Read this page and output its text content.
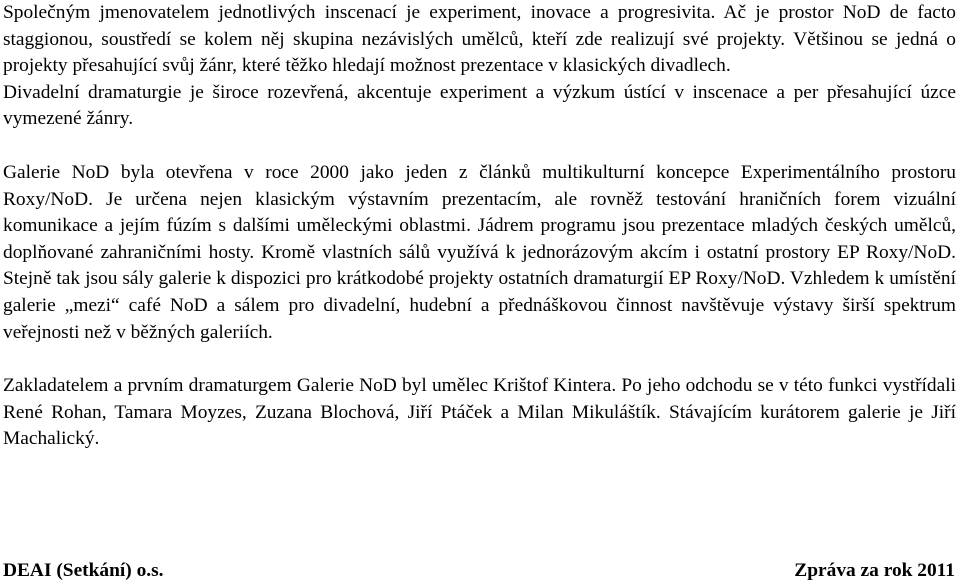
Společným jmenovatelem jednotlivých inscenací je experiment, inovace a progresivita. Ač je prostor NoD de facto staggionou, soustředí se kolem něj skupina nezávislých umělců, kteří zde realizují své projekty. Většinou se jedná o projekty přesahující svůj žánr, které těžko hledají možnost prezentace v klasických divadlech.

Divadelní dramaturgie je široce rozevřená, akcentuje experiment a výzkum ústící v inscenace a per přesahující úzce vymezené žánry.

Galerie NoD byla otevřena v roce 2000 jako jeden z článků multikulturní koncepce Experimentálního prostoru Roxy/NoD. Je určena nejen klasickým výstavním prezentacím, ale rovněž testování hraničních forem vizuální komunikace a jejím fúzím s dalšími uměleckými oblastmi. Jádrem programu jsou prezentace mladých českých umělců, doplňované zahraničními hosty. Kromě vlastních sálů využívá k jednorázovým akcím i ostatní prostory EP Roxy/NoD. Stejně tak jsou sály galerie k dispozici pro krátkodobé projekty ostatních dramaturgií EP Roxy/NoD. Vzhledem k umístění galerie „mezi“ café NoD a sálem pro divadelní, hudební a přednáškovou činnost navštěvuje výstavy širší spektrum veřejnosti než v běžných galeriích.

Zakladatelem a prvním dramaturgem Galerie NoD byl umělec Krištof Kintera. Po jeho odchodu se v této funkci vystřídali René Rohan, Tamara Moyzes, Zuzana Blochová, Jiří Ptáček a Milan Mikuláštík. Stávajícím kurátorem galerie je Jiří Machalický.

DEAI (Setkání) o.s.	Zpráva za rok 2011
